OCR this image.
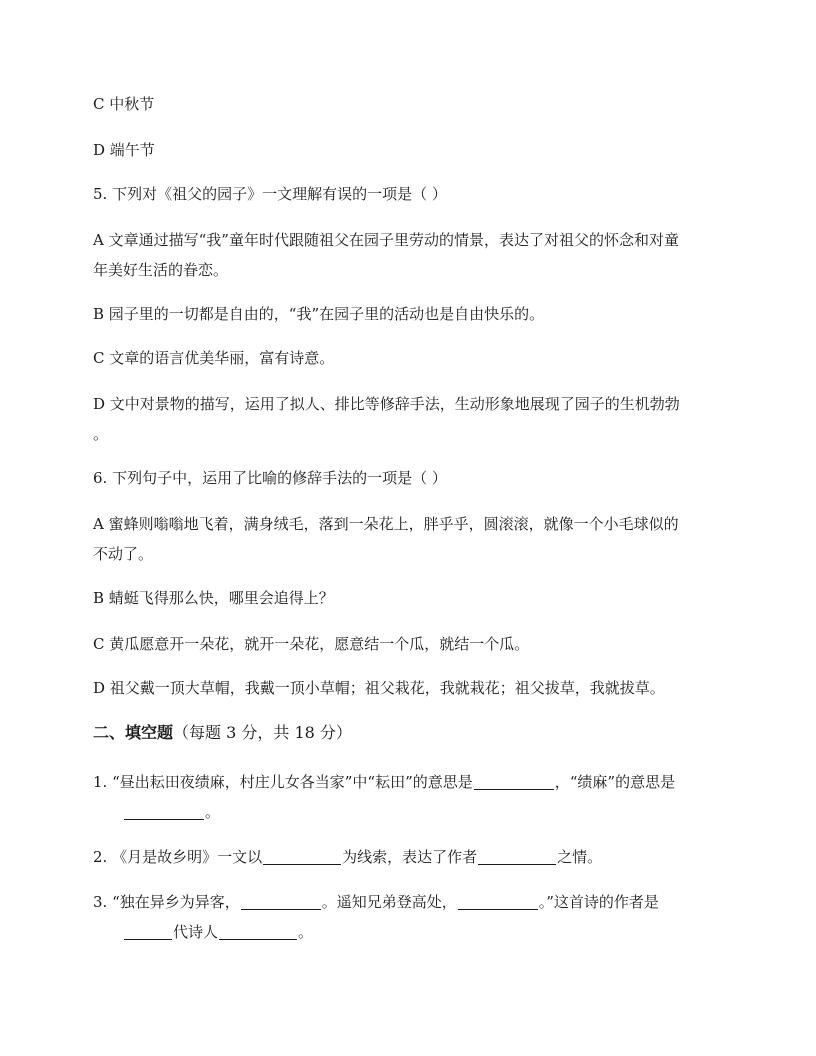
C 中秋节

D 端午节

5. 下列对《祖父的园子》一文理解有误的一项是（ ）

A 文章通过描写“我”童年时代跟随祖父在园子里劳动的情景，表达了对祖父的怀念和对童

年美好生活的眷恋。

B 园子里的一切都是自由的，“我”在园子里的活动也是自由快乐的。

C 文章的语言优美华丽，富有诗意。

D 文中对景物的描写，运用了拟人、排比等修辞手法，生动形象地展现了园子的生机勃勃

。

6. 下列句子中，运用了比喻的修辞手法的一项是（ ）

A 蜜蜂则嗡嗡地飞着，满身绒毛，落到一朵花上，胖乎乎，圆滚滚，就像一个小毛球似的

不动了。

B 蜻蜓飞得那么快，哪里会追得上？

C 黄瓜愿意开一朵花，就开一朵花，愿意结一个瓜，就结一个瓜。

D 祖父戴一顶大草帽，我戴一顶小草帽；祖父栽花，我就栽花；祖父拔草，我就拔草。

二、填空题（每题 3 分，共 18 分）

1. “昼出耘田夜绩麻，村庄儿女各当家”中“耘田”的意思是	，“绩麻”的意思是

。

2. 《月是故乡明》一文以	为线索，表达了作者	之情。

3. “独在异乡为异客，	。遥知兄弟登高处，	。”这首诗的作者是

代诗人	。
